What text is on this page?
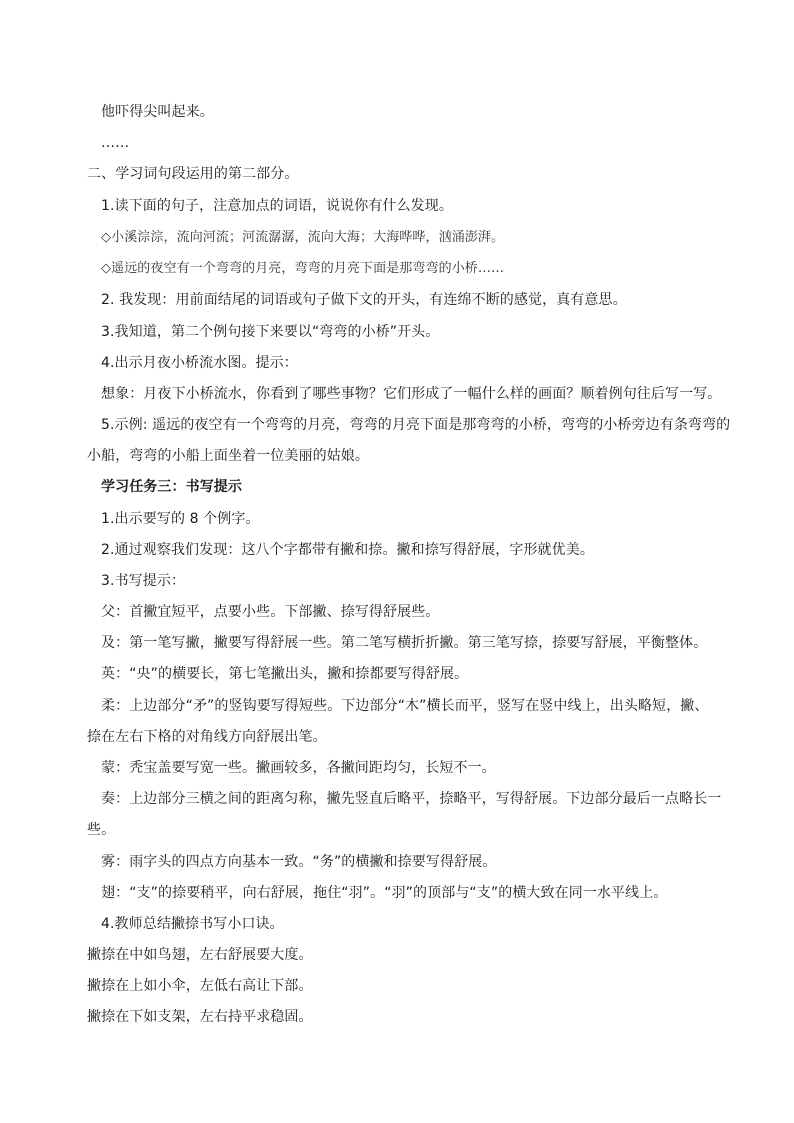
他吓得尖叫起来。
……
二、学习词句段运用的第二部分。
1.读下面的句子，注意加点的词语，说说你有什么发现。
◇小溪淙淙，流向河流；河流潺潺，流向大海；大海哗哗，汹涌澎湃。
◇遥远的夜空有一个弯弯的月亮，弯弯的月亮下面是那弯弯的小桥……
2. 我发现：用前面结尾的词语或句子做下文的开头，有连绵不断的感觉，真有意思。
3.我知道，第二个例句接下来要以“弯弯的小桥”开头。
4.出示月夜小桥流水图。提示：
想象：月夜下小桥流水，你看到了哪些事物？它们形成了一幅什么样的画面？顺着例句往后写一写。
5.示例: 遥远的夜空有一个弯弯的月亮，弯弯的月亮下面是那弯弯的小桥，弯弯的小桥旁边有条弯弯的
小船，弯弯的小船上面坐着一位美丽的姑娘。
学习任务三：书写提示
1.出示要写的 8 个例字。
2.通过观察我们发现：这八个字都带有撇和捺。撇和捺写得舒展，字形就优美。
3.书写提示：
父：首撇宜短平，点要小些。下部撇、捺写得舒展些。
及：第一笔写撇，撇要写得舒展一些。第二笔写横折折撇。第三笔写捺，捺要写舒展，平衡整体。
英：“央”的横要长，第七笔撇出头，撇和捺都要写得舒展。
柔：上边部分“矛”的竖钩要写得短些。下边部分“木”横长而平，竖写在竖中线上，出头略短，撇、
捺在左右下格的对角线方向舒展出笔。
蒙：秃宝盖要写宽一些。撇画较多，各撇间距均匀，长短不一。
奏：上边部分三横之间的距离匀称，撇先竖直后略平，捺略平，写得舒展。下边部分最后一点略长一
些。
雾：雨字头的四点方向基本一致。“务”的横撇和捺要写得舒展。
翅：“支”的捺要稍平，向右舒展，拖住“羽”。“羽”的顶部与“支”的横大致在同一水平线上。
4.教师总结撇捺书写小口诀。
撇捺在中如鸟翅，左右舒展要大度。
撇捺在上如小伞，左低右高让下部。
撇捺在下如支架，左右持平求稳固。
